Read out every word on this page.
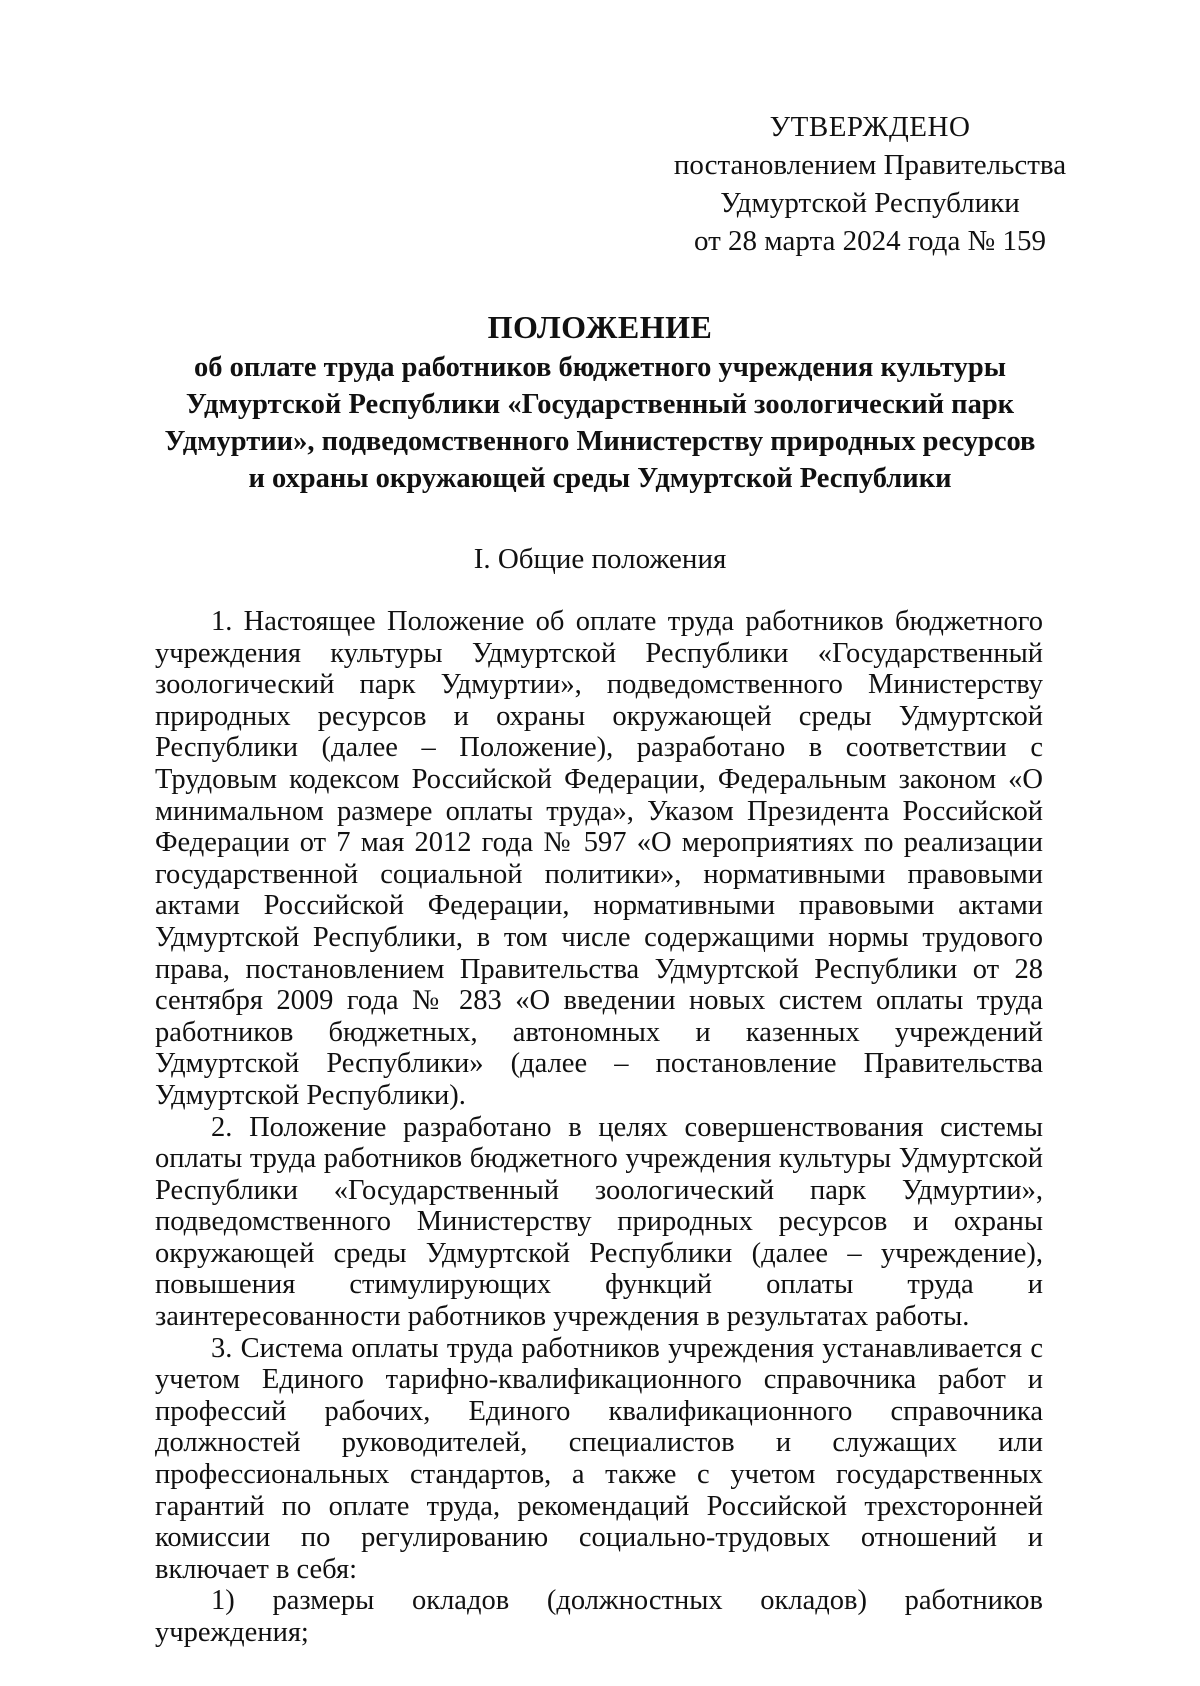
УТВЕРЖДЕНО
постановлением Правительства
Удмуртской Республики
от 28 марта 2024 года № 159
ПОЛОЖЕНИЕ
об оплате труда работников бюджетного учреждения культуры
Удмуртской Республики «Государственный зоологический парк
Удмуртии», подведомственного Министерству природных ресурсов
и охраны окружающей среды Удмуртской Республики
I. Общие положения

1. Настоящее Положение об оплате труда работников бюджетного учреждения культуры Удмуртской Республики «Государственный зоологический парк Удмуртии», подведомственного Министерству природных ресурсов и охраны окружающей среды Удмуртской Республики (далее – Положение), разработано в соответствии с Трудовым кодексом Российской Федерации, Федеральным законом «О минимальном размере оплаты труда», Указом Президента Российской Федерации от 7 мая 2012 года № 597 «О мероприятиях по реализации государственной социальной политики», нормативными правовыми актами Российской Федерации, нормативными правовыми актами Удмуртской Республики, в том числе содержащими нормы трудового права, постановлением Правительства Удмуртской Республики от 28 сентября 2009 года № 283 «О введении новых систем оплаты труда работников бюджетных, автономных и казенных учреждений Удмуртской Республики» (далее – постановление Правительства Удмуртской Республики).

2. Положение разработано в целях совершенствования системы оплаты труда работников бюджетного учреждения культуры Удмуртской Республики «Государственный зоологический парк Удмуртии», подведомственного Министерству природных ресурсов и охраны окружающей среды Удмуртской Республики (далее – учреждение), повышения стимулирующих функций оплаты труда и заинтересованности работников учреждения в результатах работы.

3. Система оплаты труда работников учреждения устанавливается с учетом Единого тарифно-квалификационного справочника работ и профессий рабочих, Единого квалификационного справочника должностей руководителей, специалистов и служащих или профессиональных стандартов, а также с учетом государственных гарантий по оплате труда, рекомендаций Российской трехсторонней комиссии по регулированию социально-трудовых отношений и включает в себя:

1) размеры окладов (должностных окладов) работников учреждения;
